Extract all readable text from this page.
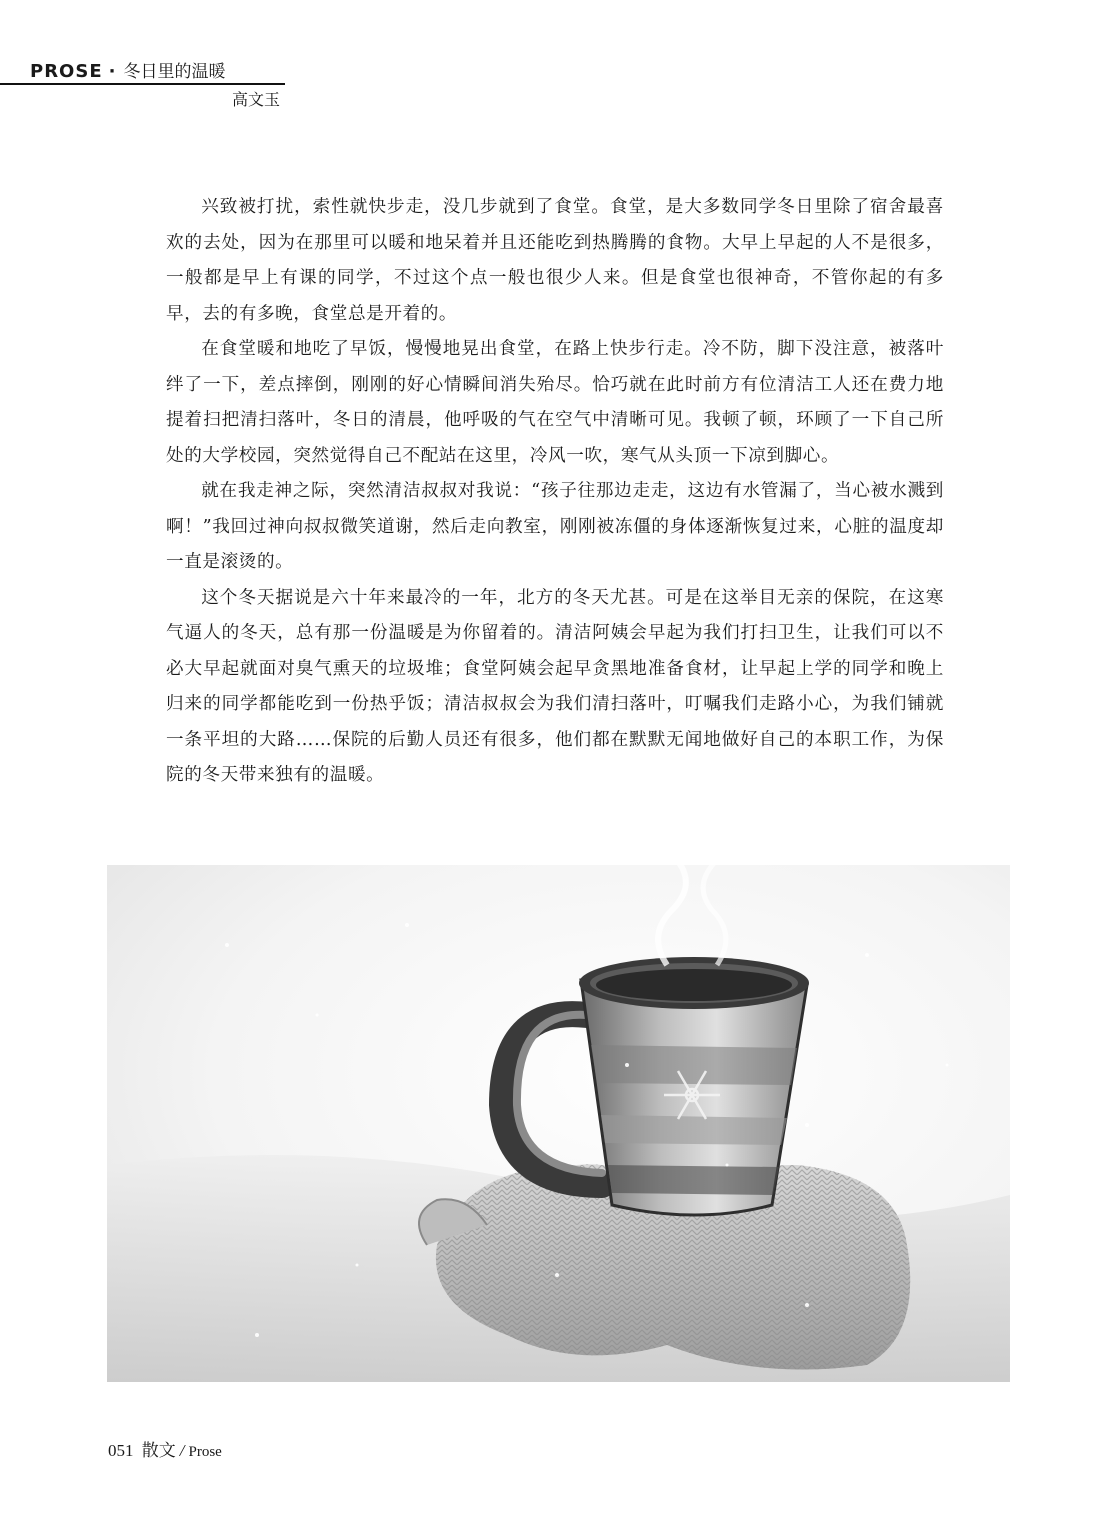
PROSE · 冬日里的温暖
高文玉

兴致被打扰，索性就快步走，没几步就到了食堂。食堂，是大多数同学冬日里除了宿舍最喜欢的去处，因为在那里可以暖和地呆着并且还能吃到热腾腾的食物。大早上早起的人不是很多，一般都是早上有课的同学，不过这个点一般也很少人来。但是食堂也很神奇，不管你起的有多早，去的有多晚，食堂总是开着的。

在食堂暖和地吃了早饭，慢慢地晃出食堂，在路上快步行走。冷不防，脚下没注意，被落叶绊了一下，差点摔倒，刚刚的好心情瞬间消失殆尽。恰巧就在此时前方有位清洁工人还在费力地提着扫把清扫落叶，冬日的清晨，他呼吸的气在空气中清晰可见。我顿了顿，环顾了一下自己所处的大学校园，突然觉得自己不配站在这里，冷风一吹，寒气从头顶一下凉到脚心。

就在我走神之际，突然清洁叔叔对我说：“孩子往那边走走，这边有水管漏了，当心被水溅到啊！”我回过神向叔叔微笑道谢，然后走向教室，刚刚被冻僵的身体逐渐恢复过来，心脏的温度却一直是滚烫的。

这个冬天据说是六十年来最冷的一年，北方的冬天尤甚。可是在这举目无亲的保院，在这寒气逼人的冬天，总有那一份温暖是为你留着的。清洁阿姨会早起为我们打扫卫生，让我们可以不必大早起就面对臭气熏天的垃圾堆；食堂阿姨会起早贪黑地准备食材，让早起上学的同学和晚上归来的同学都能吃到一份热乎饭；清洁叔叔会为我们清扫落叶，叮嘱我们走路小心，为我们铺就一条平坦的大路……保院的后勤人员还有很多，他们都在默默无闻地做好自己的本职工作，为保院的冬天带来独有的温暖。

051 散文 / Prose
